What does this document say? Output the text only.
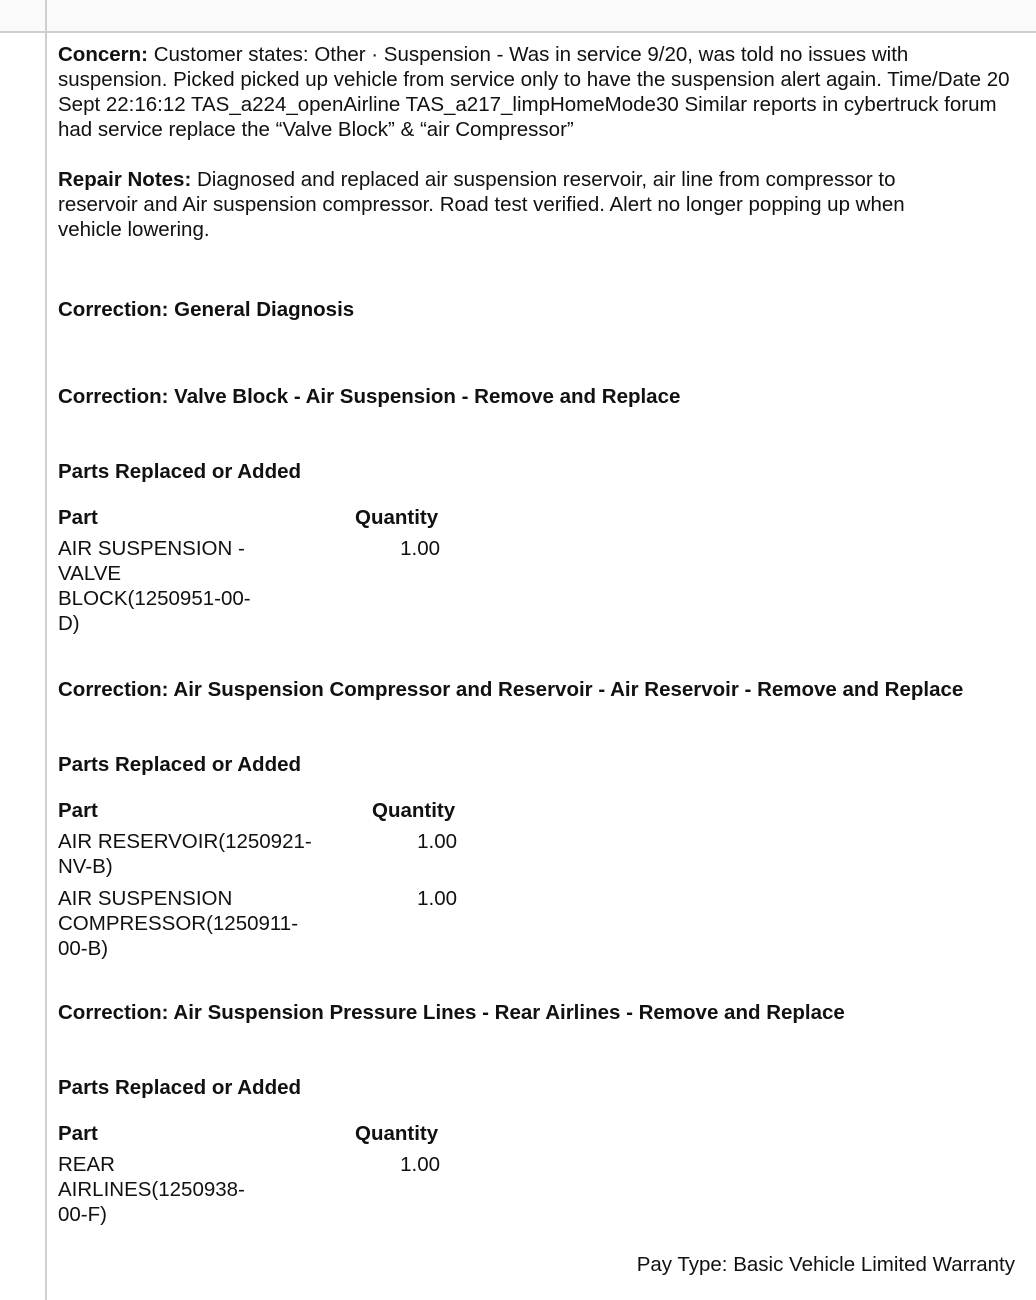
Concern: Customer states: Other · Suspension - Was in service 9/20, was told no issues with suspension. Picked picked up vehicle from service only to have the suspension alert again. Time/Date 20 Sept 22:16:12 TAS_a224_openAirline TAS_a217_limpHomeMode30 Similar reports in cybertruck forum had service replace the “Valve Block” & “air Compressor”

Repair Notes: Diagnosed and replaced air suspension reservoir, air line from compressor to reservoir and Air suspension compressor. Road test verified. Alert no longer popping up when vehicle lowering.

Correction: General Diagnosis

Correction: Valve Block - Air Suspension - Remove and Replace

Parts Replaced or Added

Part	Quantity
AIR SUSPENSION - VALVE BLOCK(1250951-00-D)	1.00

Correction: Air Suspension Compressor and Reservoir - Air Reservoir - Remove and Replace

Parts Replaced or Added

Part	Quantity
AIR RESERVOIR(1250921-NV-B)	1.00
AIR SUSPENSION COMPRESSOR(1250911-00-B)	1.00

Correction: Air Suspension Pressure Lines - Rear Airlines - Remove and Replace

Parts Replaced or Added

Part	Quantity
REAR AIRLINES(1250938-00-F)	1.00
Pay Type: Basic Vehicle Limited Warranty
